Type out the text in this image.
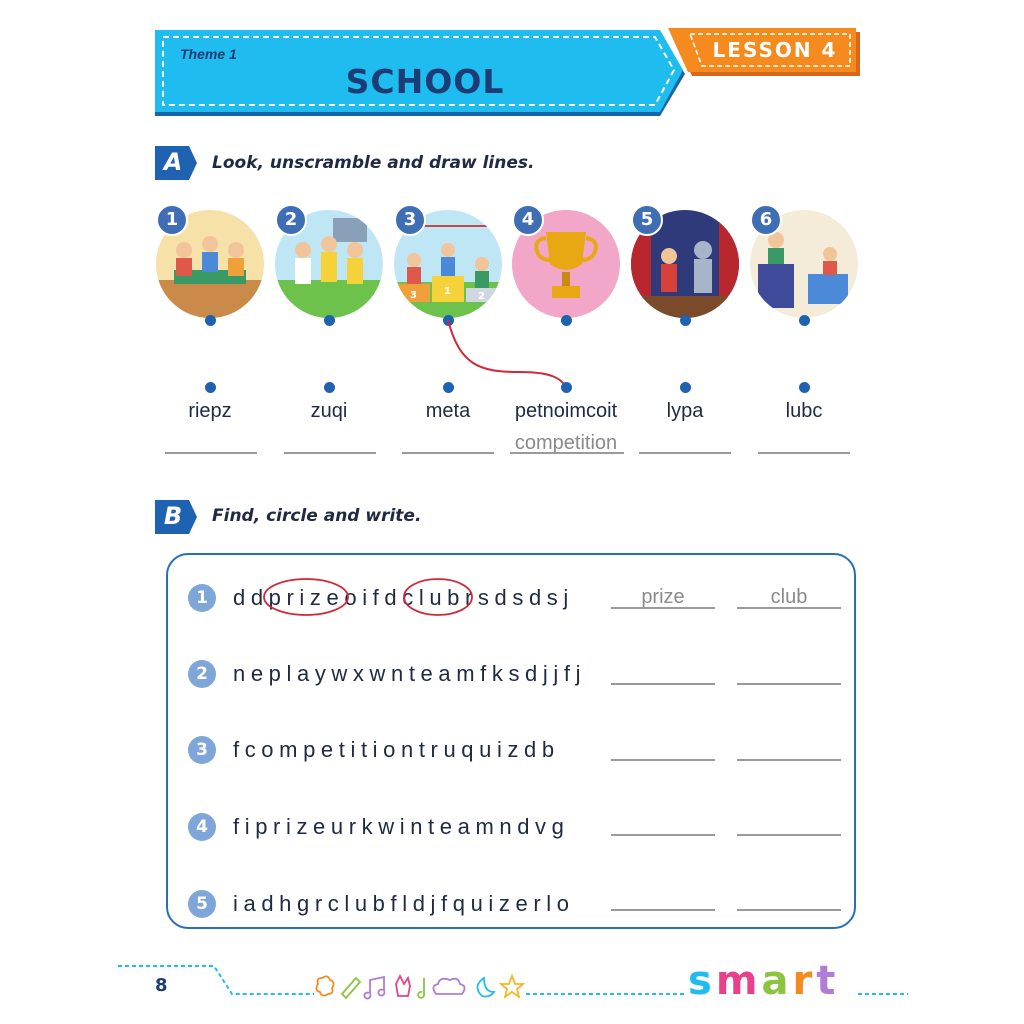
Theme 1
SCHOOL
LESSON 4
A	Look, unscramble and draw lines.
1	2
3	1	2
3	4	5	6
riepz	zuqi	meta	petnoimcoit	lypa	lubc
competition
B	Find, circle and write.
1	ddprizeoifdclubrsdsdsj	prize	club
2	neplaywxwnteamfksdjjfj
3	fcompetitiontruquizdb
4	fiprizeurkwinteamndvg
5	iadhgrclubfldjfquizerlo
8	smart
